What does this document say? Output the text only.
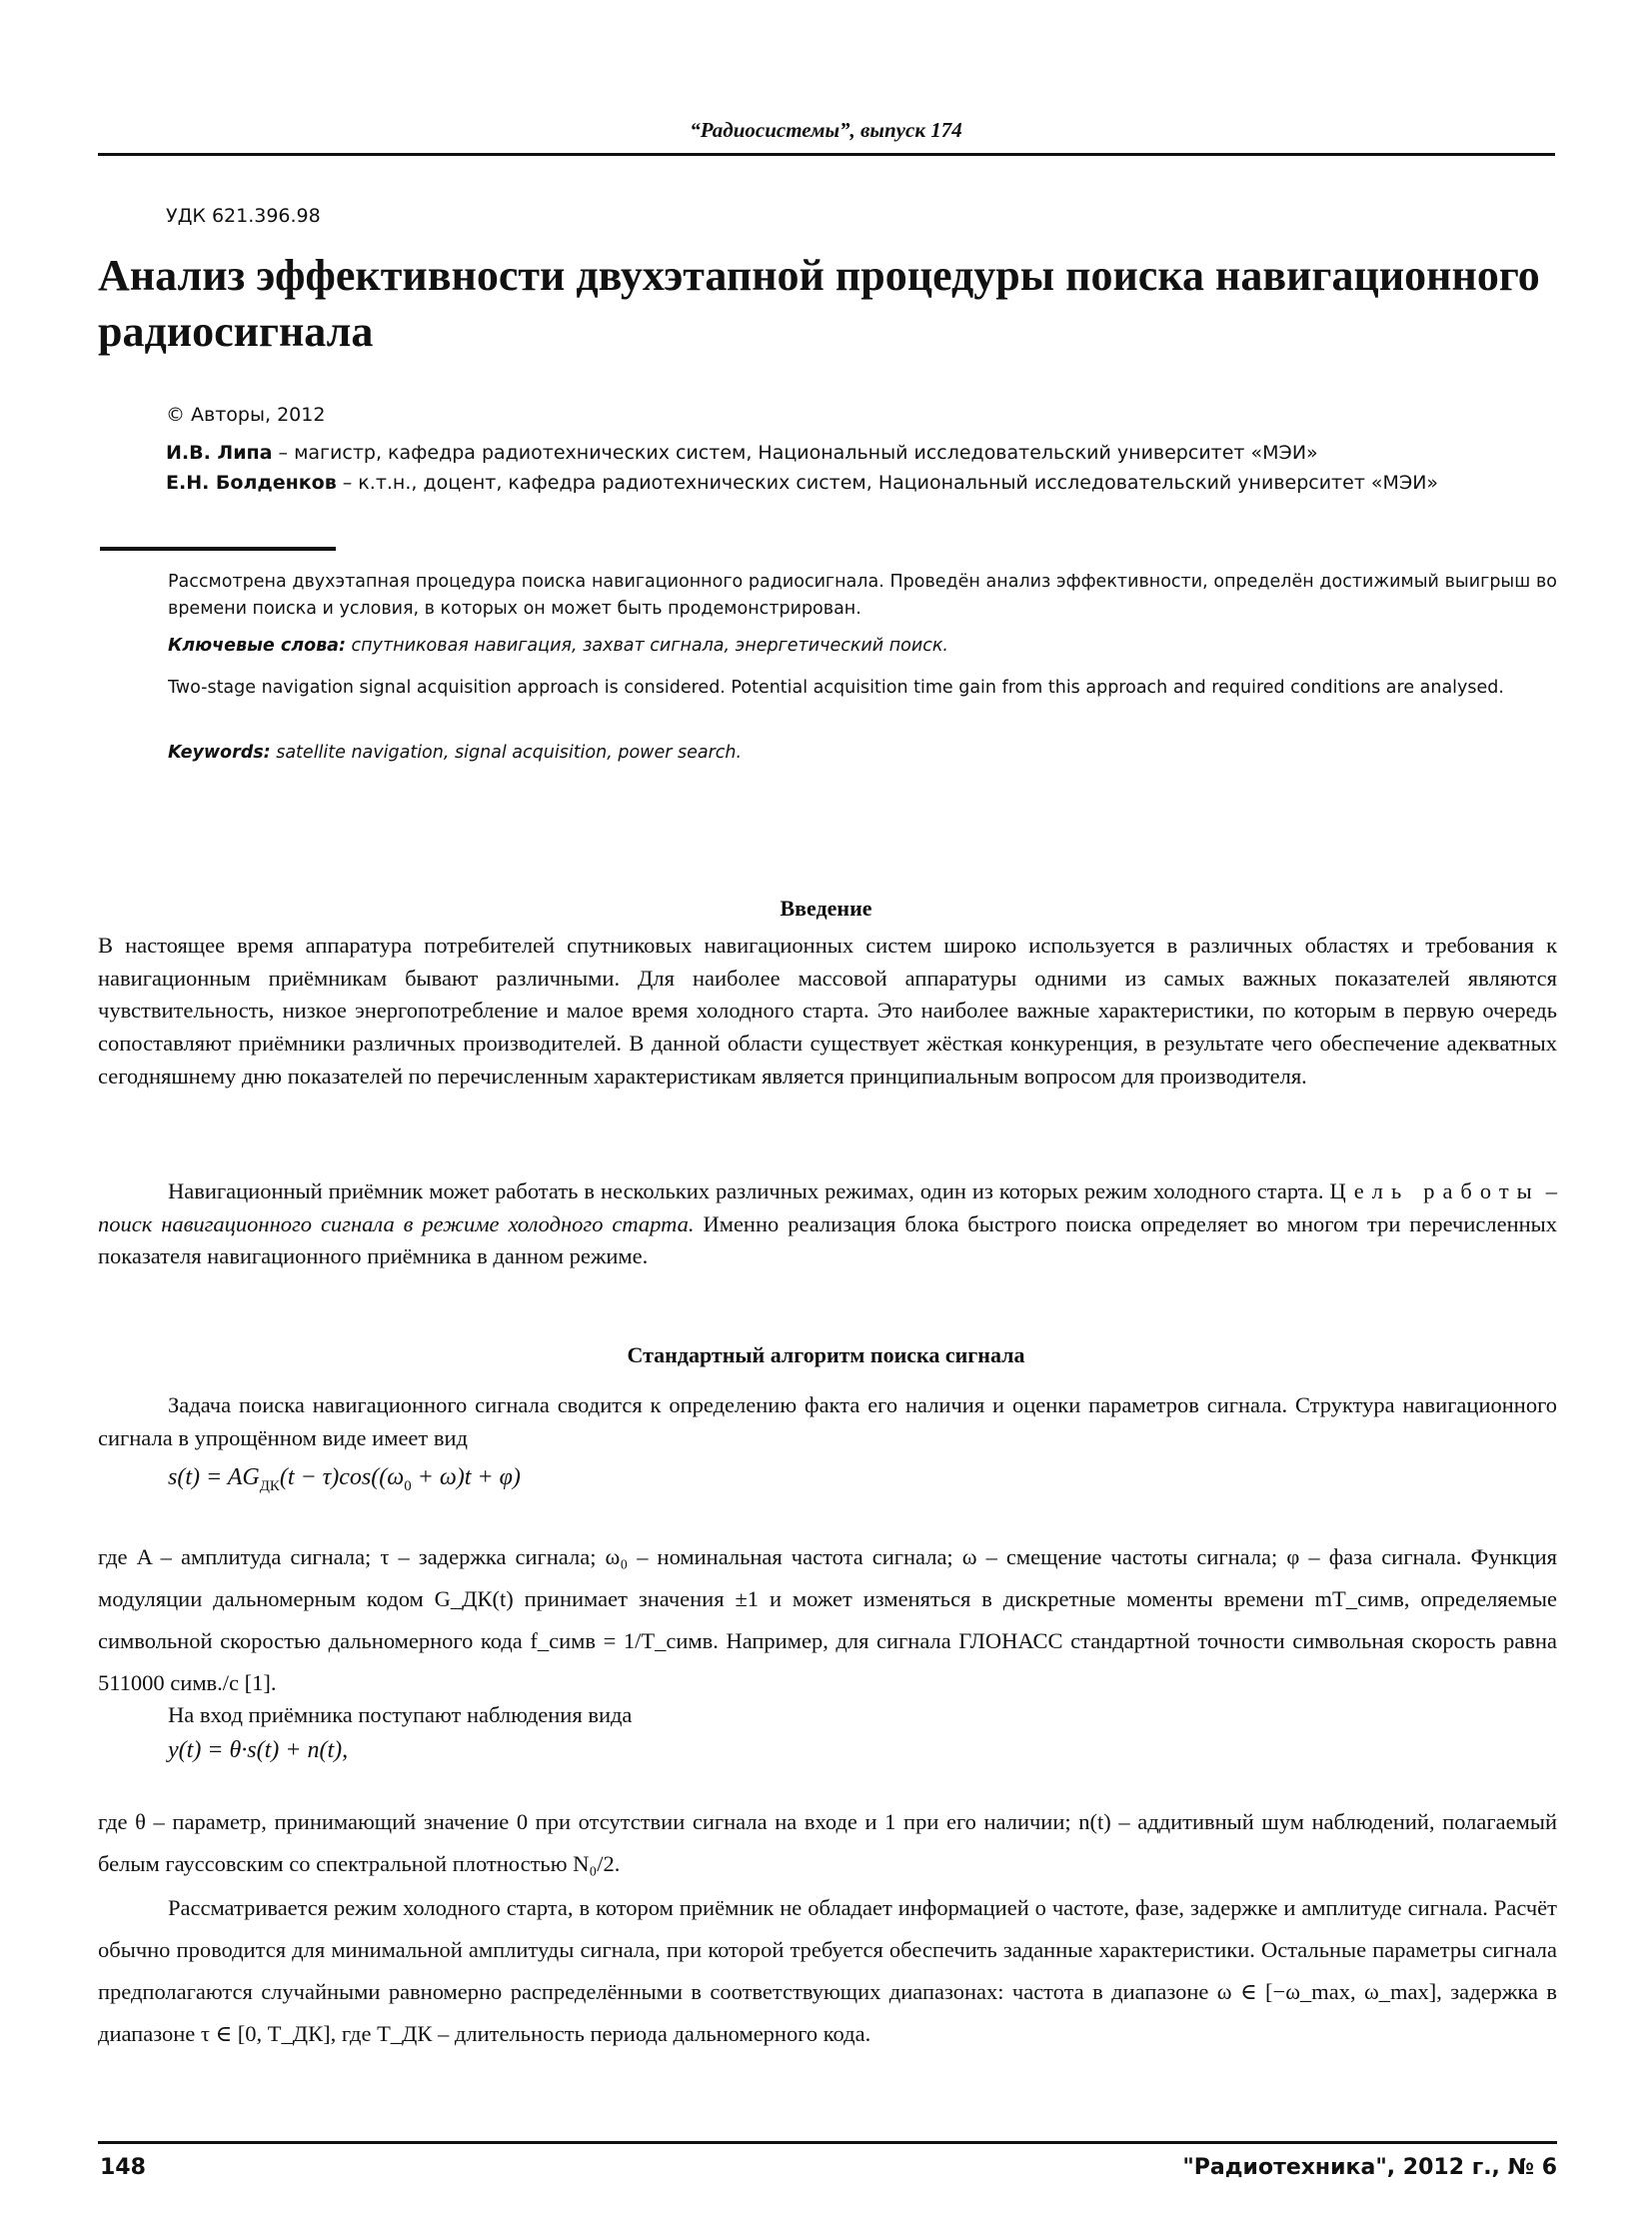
“Радиосистемы”, выпуск 174
УДК 621.396.98
Анализ эффективности двухэтапной процедуры поиска навигационного радиосигнала
© Авторы, 2012

И.В. Липа – магистр, кафедра радиотехнических систем, Национальный исследовательский университет «МЭИ»

Е.Н. Болденков – к.т.н., доцент, кафедра радиотехнических систем, Национальный исследовательский университет «МЭИ»

Рассмотрена двухэтапная процедура поиска навигационного радиосигнала. Проведён анализ эффективности, определён достижимый выигрыш во времени поиска и условия, в которых он может быть продемонстрирован.

Ключевые слова: спутниковая навигация, захват сигнала, энергетический поиск.

Two-stage navigation signal acquisition approach is considered. Potential acquisition time gain from this approach and required conditions are analysed.

Keywords: satellite navigation, signal acquisition, power search.

Введение

В настоящее время аппаратура потребителей спутниковых навигационных систем широко используется в различных областях и требования к навигационным приёмникам бывают различными. Для наиболее массовой аппаратуры одними из самых важных показателей являются чувствительность, низкое энергопотребление и малое время холодного старта. Это наиболее важные характеристики, по которым в первую очередь сопоставляют приёмники различных производителей. В данной области существует жёсткая конкуренция, в результате чего обеспечение адекватных сегодняшнему дню показателей по перечисленным характеристикам является принципиальным вопросом для производителя.

Навигационный приёмник может работать в нескольких различных режимах, один из которых режим холодного старта. Цель работы – поиск навигационного сигнала в режиме холодного старта. Именно реализация блока быстрого поиска определяет во многом три перечисленных показателя навигационного приёмника в данном режиме.

Стандартный алгоритм поиска сигнала

Задача поиска навигационного сигнала сводится к определению факта его наличия и оценки параметров сигнала. Структура навигационного сигнала в упрощённом виде имеет вид

$s(t) = AG_{ДК}(t - \tau)\cos((\omega_0 + \omega)t + \varphi)$

где A – амплитуда сигнала; τ – задержка сигнала; ω₀ – номинальная частота сигнала; ω – смещение частоты сигнала; φ – фаза сигнала. Функция модуляции дальномерным кодом G_ДК(t) принимает значения ±1 и может изменяться в дискретные моменты времени mT_симв, определяемые символьной скоростью дальномерного кода f_симв = 1/T_симв. Например, для сигнала ГЛОНАСС стандартной точности символьная скорость равна 511000 симв./с [1].

На вход приёмника поступают наблюдения вида

y(t) = θ·s(t) + n(t),

где θ – параметр, принимающий значение 0 при отсутствии сигнала на входе и 1 при его наличии; n(t) – аддитивный шум наблюдений, полагаемый белым гауссовским со спектральной плотностью N₀/2.

Рассматривается режим холодного старта, в котором приёмник не обладает информацией о частоте, фазе, задержке и амплитуде сигнала. Расчёт обычно проводится для минимальной амплитуды сигнала, при которой требуется обеспечить заданные характеристики. Остальные параметры сигнала предполагаются случайными равномерно распределёнными в соответствующих диапазонах: частота в диапазоне ω ∈ [−ω_max, ω_max], задержка в диапазоне τ ∈ [0, T_ДК], где T_ДК – длительность периода дальномерного кода.

148	"Радиотехника", 2012 г., № 6
